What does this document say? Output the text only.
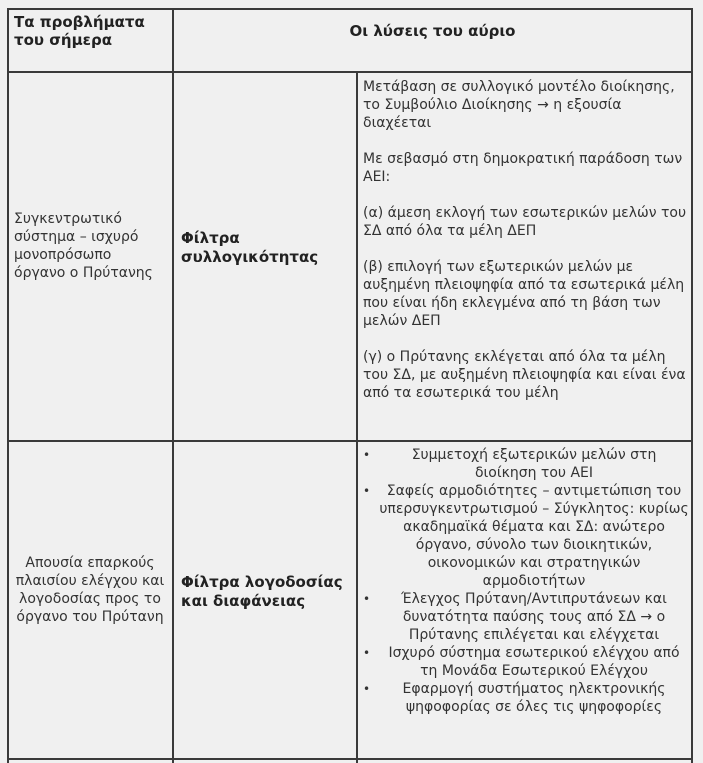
Τα προβλήματα του σήμερα	Οι λύσεις του αύριο
Συγκεντρωτικό σύστημα – ισχυρό μονοπρόσωπο όργανο ο Πρύτανης
Φίλτρα συλλογικότητας

Μετάβαση σε συλλογικό μοντέλο διοίκησης, το Συμβούλιο Διοίκησης → η εξουσία διαχέεται

Με σεβασμό στη δημοκρατική παράδοση των ΑΕΙ:

(α) άμεση εκλογή των εσωτερικών μελών του ΣΔ από όλα τα μέλη ΔΕΠ

(β) επιλογή των εξωτερικών μελών με αυξημένη πλειοψηφία από τα εσωτερικά μέλη που είναι ήδη εκλεγμένα από τη βάση των μελών ΔΕΠ

(γ) ο Πρύτανης εκλέγεται από όλα τα μέλη του ΣΔ, με αυξημένη πλειοψηφία και είναι ένα από τα εσωτερικά του μέλη

Απουσία επαρκούς πλαισίου ελέγχου και λογοδοσίας προς το όργανο του Πρύτανη
Φίλτρα λογοδοσίας και διαφάνειας
• Συμμετοχή εξωτερικών μελών στη διοίκηση του ΑΕΙ
• Σαφείς αρμοδιότητες – αντιμετώπιση του υπερσυγκεντρωτισμού – Σύγκλητος: κυρίως ακαδημαϊκά θέματα και ΣΔ: ανώτερο όργανο, σύνολο των διοικητικών, οικονομικών και στρατηγικών αρμοδιοτήτων
• Έλεγχος Πρύτανη/Αντιπρυτάνεων και δυνατότητα παύσης τους από ΣΔ → ο Πρύτανης επιλέγεται και ελέγχεται
• Ισχυρό σύστημα εσωτερικού ελέγχου από τη Μονάδα Εσωτερικού Ελέγχου
• Εφαρμογή συστήματος ηλεκτρονικής ψηφοφορίας σε όλες τις ψηφοφορίες
